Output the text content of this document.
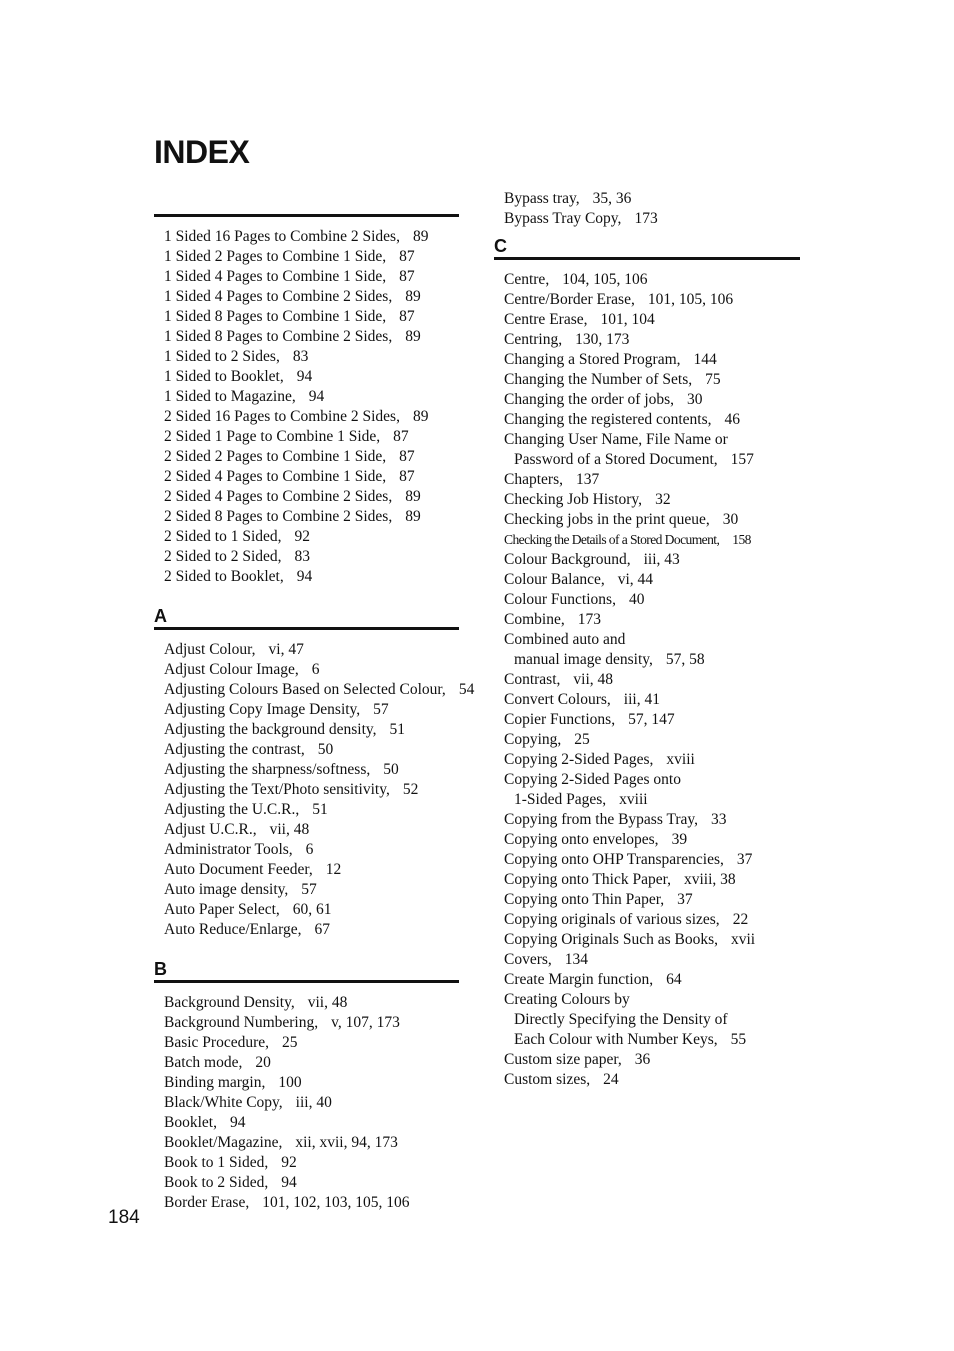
INDEX
1 Sided 16 Pages to Combine 2 Sides, 89
1 Sided 2 Pages to Combine 1 Side, 87
1 Sided 4 Pages to Combine 1 Side, 87
1 Sided 4 Pages to Combine 2 Sides, 89
1 Sided 8 Pages to Combine 1 Side, 87
1 Sided 8 Pages to Combine 2 Sides, 89
1 Sided to 2 Sides, 83
1 Sided to Booklet, 94
1 Sided to Magazine, 94
2 Sided 16 Pages to Combine 2 Sides, 89
2 Sided 1 Page to Combine 1 Side, 87
2 Sided 2 Pages to Combine 1 Side, 87
2 Sided 4 Pages to Combine 1 Side, 87
2 Sided 4 Pages to Combine 2 Sides, 89
2 Sided 8 Pages to Combine 2 Sides, 89
2 Sided to 1 Sided, 92
2 Sided to 2 Sided, 83
2 Sided to Booklet, 94
A
Adjust Colour, vi, 47
Adjust Colour Image, 6
Adjusting Colours Based on Selected Colour, 54
Adjusting Copy Image Density, 57
Adjusting the background density, 51
Adjusting the contrast, 50
Adjusting the sharpness/softness, 50
Adjusting the Text/Photo sensitivity, 52
Adjusting the U.C.R., 51
Adjust U.C.R., vii, 48
Administrator Tools, 6
Auto Document Feeder, 12
Auto image density, 57
Auto Paper Select, 60, 61
Auto Reduce/Enlarge, 67
B
Background Density, vii, 48
Background Numbering, v, 107, 173
Basic Procedure, 25
Batch mode, 20
Binding margin, 100
Black/White Copy, iii, 40
Booklet, 94
Booklet/Magazine, xii, xvii, 94, 173
Book to 1 Sided, 92
Book to 2 Sided, 94
Border Erase, 101, 102, 103, 105, 106
Bypass tray, 35, 36
Bypass Tray Copy, 173
C
Centre, 104, 105, 106
Centre/Border Erase, 101, 105, 106
Centre Erase, 101, 104
Centring, 130, 173
Changing a Stored Program, 144
Changing the Number of Sets, 75
Changing the order of jobs, 30
Changing the registered contents, 46
Changing User Name, File Name or
Password of a Stored Document, 157
Chapters, 137
Checking Job History, 32
Checking jobs in the print queue, 30
Checking the Details of a Stored Document, 158
Colour Background, iii, 43
Colour Balance, vi, 44
Colour Functions, 40
Combine, 173
Combined auto and
manual image density, 57, 58
Contrast, vii, 48
Convert Colours, iii, 41
Copier Functions, 57, 147
Copying, 25
Copying 2-Sided Pages, xviii
Copying 2-Sided Pages onto
1-Sided Pages, xviii
Copying from the Bypass Tray, 33
Copying onto envelopes, 39
Copying onto OHP Transparencies, 37
Copying onto Thick Paper, xviii, 38
Copying onto Thin Paper, 37
Copying originals of various sizes, 22
Copying Originals Such as Books, xvii
Covers, 134
Create Margin function, 64
Creating Colours by
Directly Specifying the Density of
Each Colour with Number Keys, 55
Custom size paper, 36
Custom sizes, 24
184
